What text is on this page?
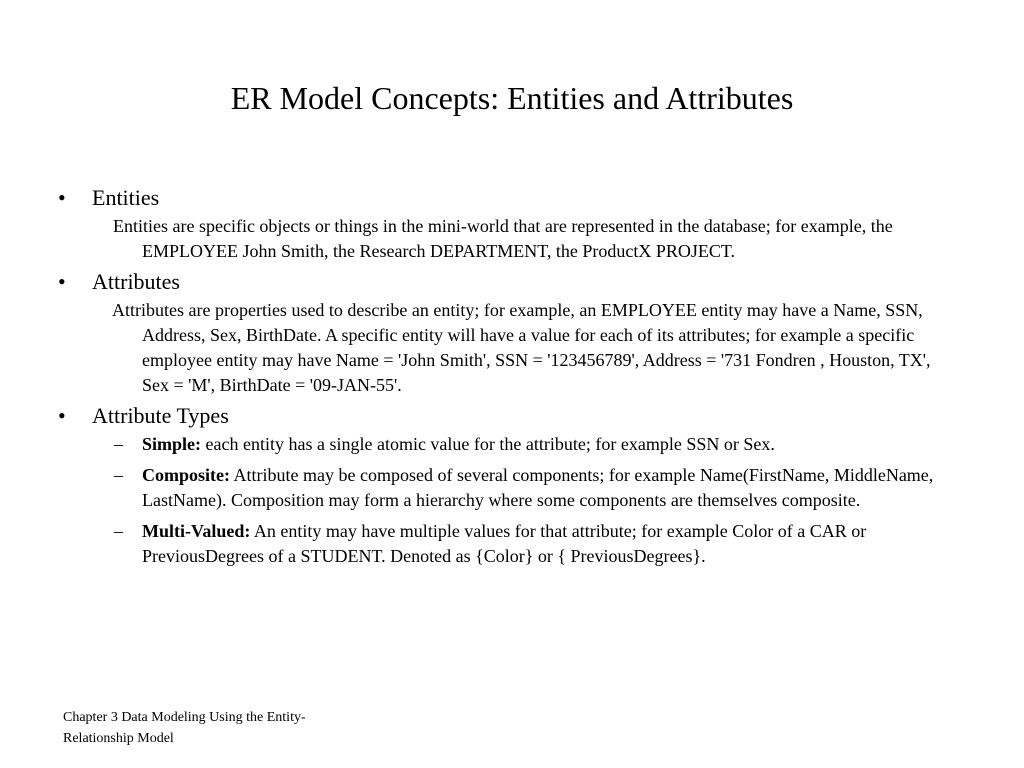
ER Model Concepts: Entities and Attributes
• Entities

Entities are specific objects or things in the mini-world that are represented in the database; for example, the EMPLOYEE John Smith, the Research DEPARTMENT, the ProductX PROJECT.

• Attributes

Attributes are properties used to describe an entity; for example, an EMPLOYEE entity may have a Name, SSN, Address, Sex, BirthDate. A specific entity will have a value for each of its attributes; for example a specific employee entity may have Name = 'John Smith', SSN = '123456789', Address = '731 Fondren , Houston, TX', Sex = 'M', BirthDate = '09-JAN-55'.

• Attribute Types
– Simple: each entity has a single atomic value for the attribute; for example SSN or Sex.
– Composite: Attribute may be composed of several components; for example Name(FirstName, MiddleName, LastName). Composition may form a hierarchy where some components are themselves composite.
– Multi-Valued: An entity may have multiple values for that attribute; for example Color of a CAR or PreviousDegrees of a STUDENT. Denoted as {Color} or { PreviousDegrees}.
Chapter 3 Data Modeling Using the Entity-
Relationship Model
